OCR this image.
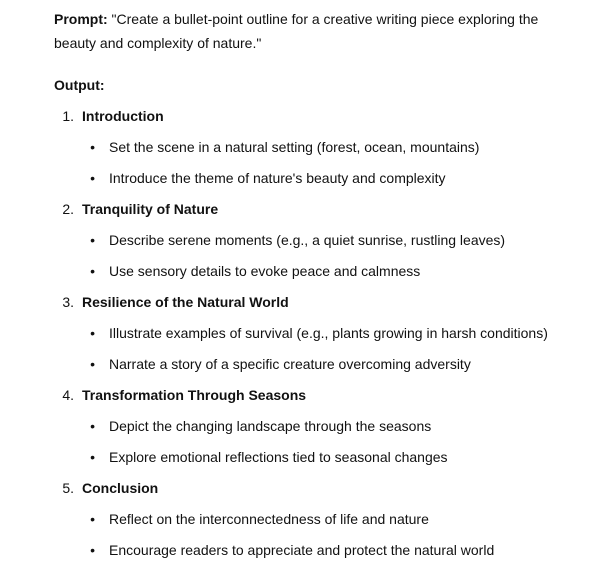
Prompt: "Create a bullet-point outline for a creative writing piece exploring the
beauty and complexity of nature."

Output:
1. Introduction
•	Set the scene in a natural setting (forest, ocean, mountains)
•	Introduce the theme of nature's beauty and complexity
2. Tranquility of Nature
•	Describe serene moments (e.g., a quiet sunrise, rustling leaves)
•	Use sensory details to evoke peace and calmness
3. Resilience of the Natural World
•	Illustrate examples of survival (e.g., plants growing in harsh conditions)
•	Narrate a story of a specific creature overcoming adversity
4. Transformation Through Seasons
•	Depict the changing landscape through the seasons
•	Explore emotional reflections tied to seasonal changes
5. Conclusion
•	Reflect on the interconnectedness of life and nature
•	Encourage readers to appreciate and protect the natural world
